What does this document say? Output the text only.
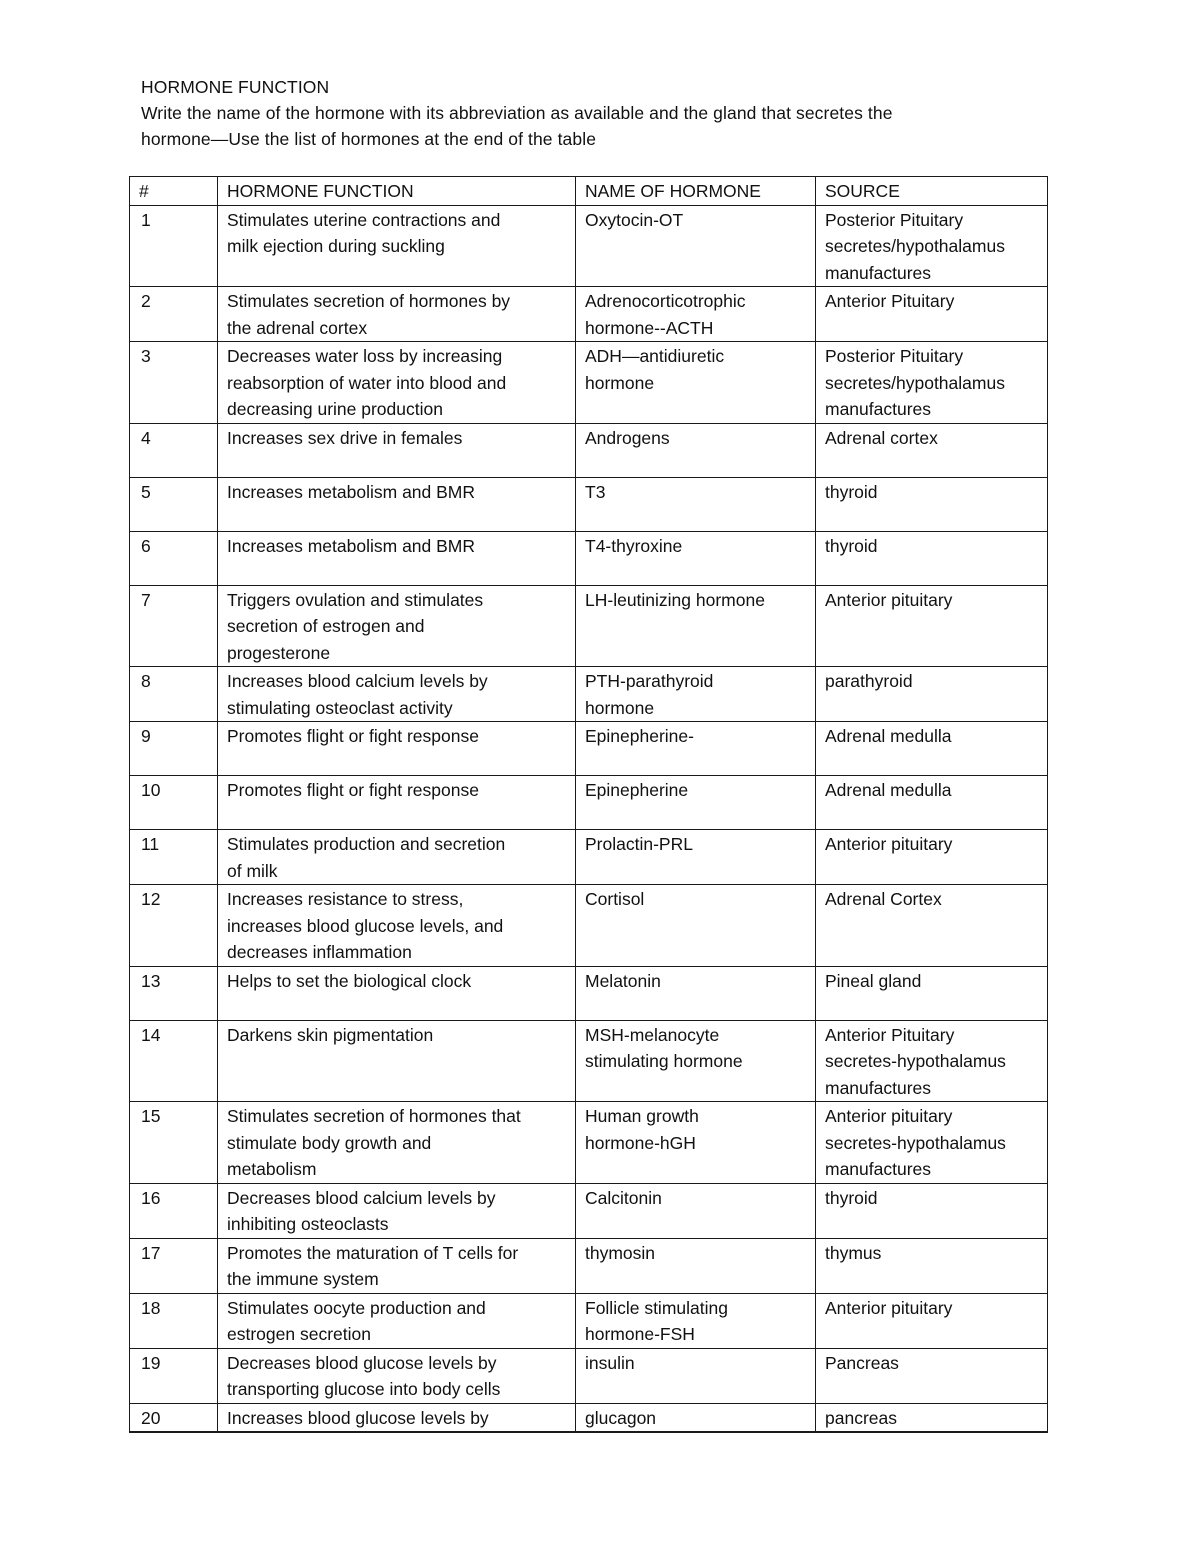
HORMONE FUNCTION
Write the name of the hormone with its abbreviation as available and the gland that secretes the
hormone—Use the list of hormones at the end of the table
#	HORMONE FUNCTION	NAME OF HORMONE	SOURCE
1	Stimulates uterine contractions and
milk ejection during suckling	Oxytocin-OT	Posterior Pituitary
secretes/hypothalamus
manufactures
2	Stimulates secretion of hormones by
the adrenal cortex	Adrenocorticotrophic
hormone--ACTH	Anterior Pituitary
3	Decreases water loss by increasing
reabsorption of water into blood and
decreasing urine production	ADH—antidiuretic
hormone	Posterior Pituitary
secretes/hypothalamus
manufactures
4	Increases sex drive in females	Androgens	Adrenal cortex
5	Increases metabolism and BMR	T3	thyroid
6	Increases metabolism and BMR	T4-thyroxine	thyroid
7	Triggers ovulation and stimulates
secretion of estrogen and
progesterone	LH-leutinizing hormone	Anterior pituitary
8	Increases blood calcium levels by
stimulating osteoclast activity	PTH-parathyroid
hormone	parathyroid
9	Promotes flight or fight response	Epinepherine-	Adrenal medulla
10	Promotes flight or fight response	Epinepherine	Adrenal medulla
11	Stimulates production and secretion
of milk	Prolactin-PRL	Anterior pituitary
12	Increases resistance to stress,
increases blood glucose levels, and
decreases inflammation	Cortisol	Adrenal Cortex
13	Helps to set the biological clock	Melatonin	Pineal gland
14	Darkens skin pigmentation	MSH-melanocyte
stimulating hormone	Anterior Pituitary
secretes-hypothalamus
manufactures
15	Stimulates secretion of hormones that
stimulate body growth and
metabolism	Human growth
hormone-hGH	Anterior pituitary
secretes-hypothalamus
manufactures
16	Decreases blood calcium levels by
inhibiting osteoclasts	Calcitonin	thyroid
17	Promotes the maturation of T cells for
the immune system	thymosin	thymus
18	Stimulates oocyte production and
estrogen secretion	Follicle stimulating
hormone-FSH	Anterior pituitary
19	Decreases blood glucose levels by
transporting glucose into body cells	insulin	Pancreas
20	Increases blood glucose levels by	glucagon	pancreas
